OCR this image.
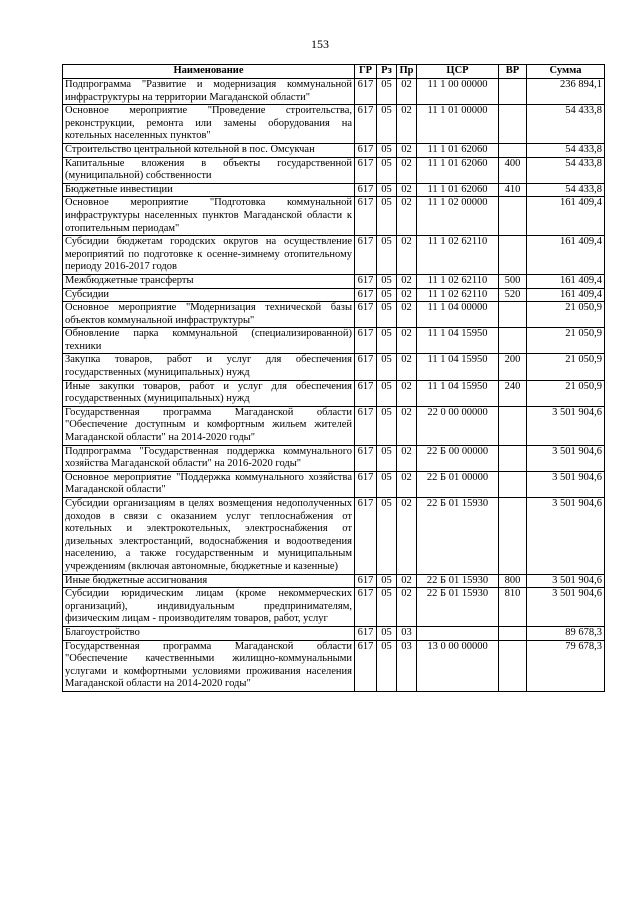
153
Наименование	ГР	Рз	Пр	ЦСР	ВР	Сумма
Подпрограмма "Развитие и модернизация коммунальной инфраструктуры на территории Магаданской области"	617	05	02	11 1 00 00000		236 894,1
Основное мероприятие "Проведение строительства, реконструкции, ремонта или замены оборудования на котельных населенных пунктов"	617	05	02	11 1 01 00000		54 433,8
Строительство центральной котельной в пос. Омсукчан	617	05	02	11 1 01 62060		54 433,8
Капитальные вложения в объекты государственной (муниципальной) собственности	617	05	02	11 1 01 62060	400	54 433,8
Бюджетные инвестиции	617	05	02	11 1 01 62060	410	54 433,8
Основное мероприятие "Подготовка коммунальной инфраструктуры населенных пунктов Магаданской области к отопительным периодам"	617	05	02	11 1 02 00000		161 409,4
Субсидии бюджетам городских округов на осуществление мероприятий по подготовке к осенне-зимнему отопительному периоду 2016-2017 годов	617	05	02	11 1 02 62110		161 409,4
Межбюджетные трансферты	617	05	02	11 1 02 62110	500	161 409,4
Субсидии	617	05	02	11 1 02 62110	520	161 409,4
Основное мероприятие "Модернизация технической базы объектов коммунальной инфраструктуры"	617	05	02	11 1 04 00000		21 050,9
Обновление парка коммунальной (специализированной) техники	617	05	02	11 1 04 15950		21 050,9
Закупка товаров, работ и услуг для обеспечения государственных (муниципальных) нужд	617	05	02	11 1 04 15950	200	21 050,9
Иные закупки товаров, работ и услуг для обеспечения государственных (муниципальных) нужд	617	05	02	11 1 04 15950	240	21 050,9
Государственная программа Магаданской области "Обеспечение доступным и комфортным жильем жителей Магаданской области" на 2014-2020 годы"	617	05	02	22 0 00 00000		3 501 904,6
Подпрограмма "Государственная поддержка коммунального хозяйства Магаданской области" на 2016-2020 годы"	617	05	02	22 Б 00 00000		3 501 904,6
Основное мероприятие "Поддержка коммунального хозяйства Магаданской области"	617	05	02	22 Б 01 00000		3 501 904,6
Субсидии организациям в целях возмещения недополученных доходов в связи с оказанием услуг теплоснабжения от котельных и электрокотельных, электроснабжения от дизельных электростанций, водоснабжения и водоотведения населению, а также государственным и муниципальным учреждениям (включая автономные, бюджетные и казенные)	617	05	02	22 Б 01 15930		3 501 904,6
Иные бюджетные ассигнования	617	05	02	22 Б 01 15930	800	3 501 904,6
Субсидии юридическим лицам (кроме некоммерческих организаций), индивидуальным предпринимателям, физическим лицам - производителям товаров, работ, услуг	617	05	02	22 Б 01 15930	810	3 501 904,6
Благоустройство	617	05	03			89 678,3
Государственная программа Магаданской области "Обеспечение качественными жилищно-коммунальными услугами и комфортными условиями проживания населения Магаданской области на 2014-2020 годы"	617	05	03	13 0 00 00000		79 678,3
